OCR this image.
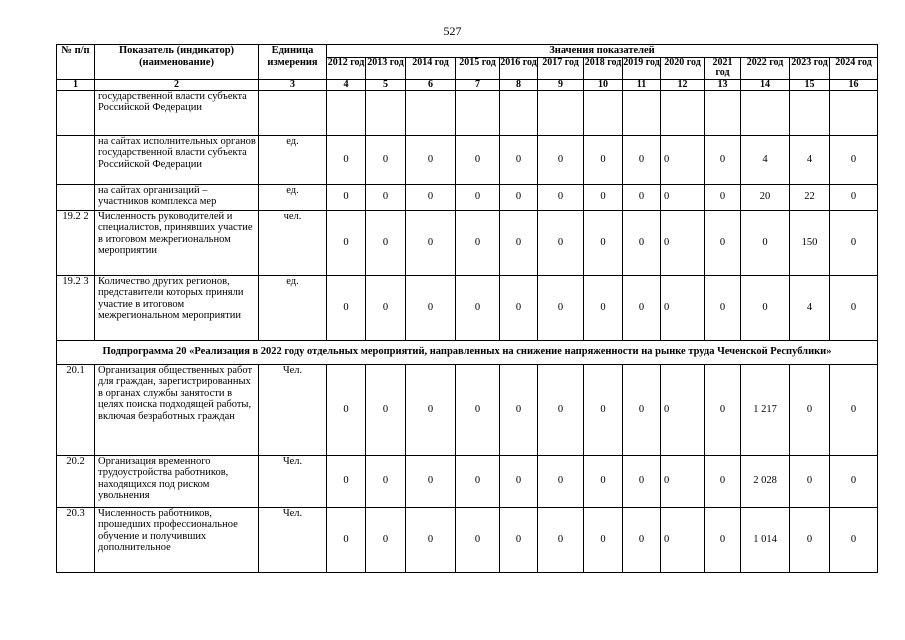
527
№ п/п	Показатель (индикатор) (наименование)	Единица измерения	Значения показателей												
			2012 год	2013 год	2014 год	2015 год	2016 год	2017 год	2018 год	2019 год	2020 год	2021 год	2022 год	2023 год	2024 год
1	2	3	4	5	6	7	8	9	10	11	12	13	14	15	16
	государственной власти субъекта Российской Федерации														
	на сайтах исполнительных органов государственной власти субъекта Российской Федерации	ед.	0	0	0	0	0	0	0	0	0	0	4	4	0
	на сайтах организаций – участников комплекса мер	ед.	0	0	0	0	0	0	0	0	0	0	20	22	0
19.2 2	Численность руководителей и специалистов, принявших участие в итоговом межрегиональном мероприятии	чел.	0	0	0	0	0	0	0	0	0	0	0	150	0
19.2 3	Количество других регионов, представители которых приняли участие в итоговом межрегиональном мероприятии	ед.	0	0	0	0	0	0	0	0	0	0	0	4	0
Подпрограмма 20 «Реализация в 2022 году отдельных мероприятий, направленных на снижение напряженности на рынке труда Чеченской Республики»															
20.1	Организация общественных работ для граждан, зарегистрированных в органах службы занятости в целях поиска подходящей работы, включая безработных граждан	Чел.	0	0	0	0	0	0	0	0	0	0	1 217	0	0
20.2	Организация временного трудоустройства работников, находящихся под риском увольнения	Чел.	0	0	0	0	0	0	0	0	0	0	2 028	0	0
20.3	Численность работников, прошедших профессиональное обучение и получивших дополнительное	Чел.	0	0	0	0	0	0	0	0	0	0	1 014	0	0
